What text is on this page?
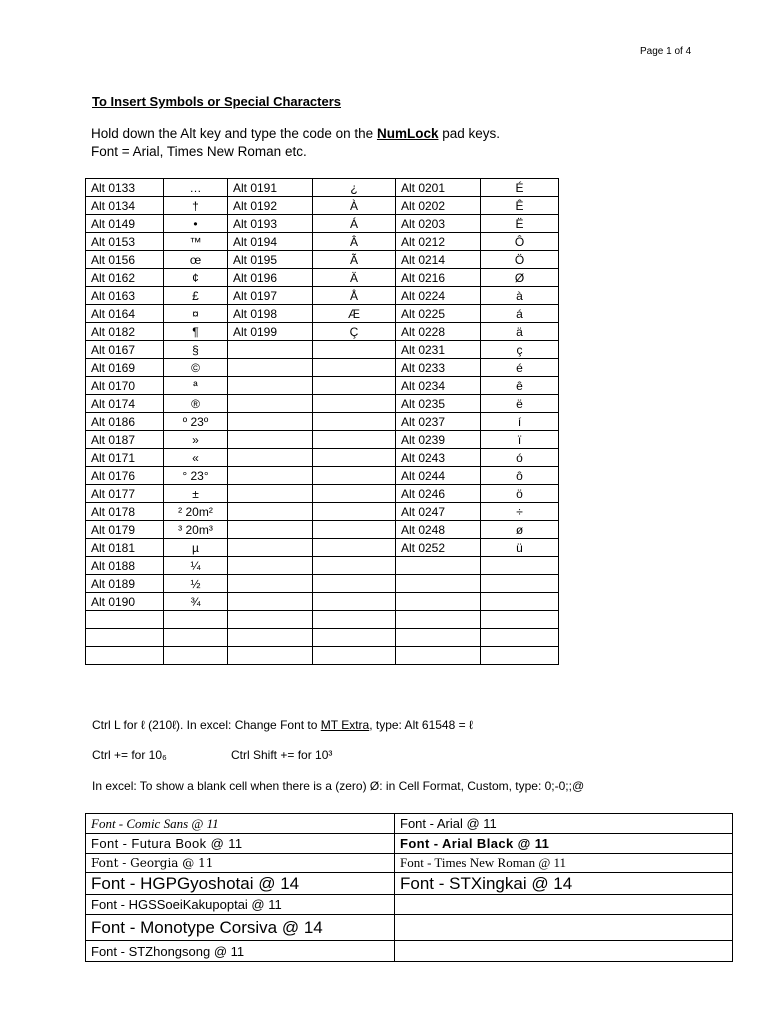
Page 1 of 4
To Insert Symbols or Special Characters
Hold down the Alt key and type the code on the NumLock pad keys.
Font = Arial, Times New Roman etc.
Alt 0133	…	Alt 0191	¿	Alt 0201	É
Alt 0134	†	Alt 0192	À	Alt 0202	Ê
Alt 0149	•	Alt 0193	Á	Alt 0203	Ë
Alt 0153	™	Alt 0194	Â	Alt 0212	Ô
Alt 0156	œ	Alt 0195	Ã	Alt 0214	Ö
Alt 0162	¢	Alt 0196	Ä	Alt 0216	Ø
Alt 0163	£	Alt 0197	Å	Alt 0224	à
Alt 0164	¤	Alt 0198	Æ	Alt 0225	á
Alt 0182	¶	Alt 0199	Ç	Alt 0228	ä
Alt 0167	§			Alt 0231	ç
Alt 0169	©			Alt 0233	é
Alt 0170	ª			Alt 0234	ê
Alt 0174	®			Alt 0235	ë
Alt 0186	º 23º			Alt 0237	í
Alt 0187	»			Alt 0239	ï
Alt 0171	«			Alt 0243	ó
Alt 0176	° 23°			Alt 0244	ô
Alt 0177	±			Alt 0246	ö
Alt 0178	² 20m²			Alt 0247	÷
Alt 0179	³ 20m³			Alt 0248	ø
Alt 0181	µ			Alt 0252	ü
Alt 0188	¼				
Alt 0189	½				
Alt 0190	¾				

Ctrl L for ℓ (210ℓ). In excel: Change Font to MT Extra, type: Alt 61548 = ℓ
Ctrl += for 10₆	Ctrl Shift += for 10³
In excel: To show a blank cell when there is a (zero) Ø: in Cell Format, Custom, type: 0;-0;;@
Font - Comic Sans @ 11	Font - Arial @ 11
Font - Futura Book @ 11	Font - Arial Black @ 11
Font - Georgia @ 11	Font - Times New Roman @ 11
Font - HGPGyoshotai @ 14	Font - STXingkai @ 14
Font - HGSSoeiKakupoptai @ 11	
Font - Monotype Corsiva @ 14	
Font - STZhongsong @ 11	
